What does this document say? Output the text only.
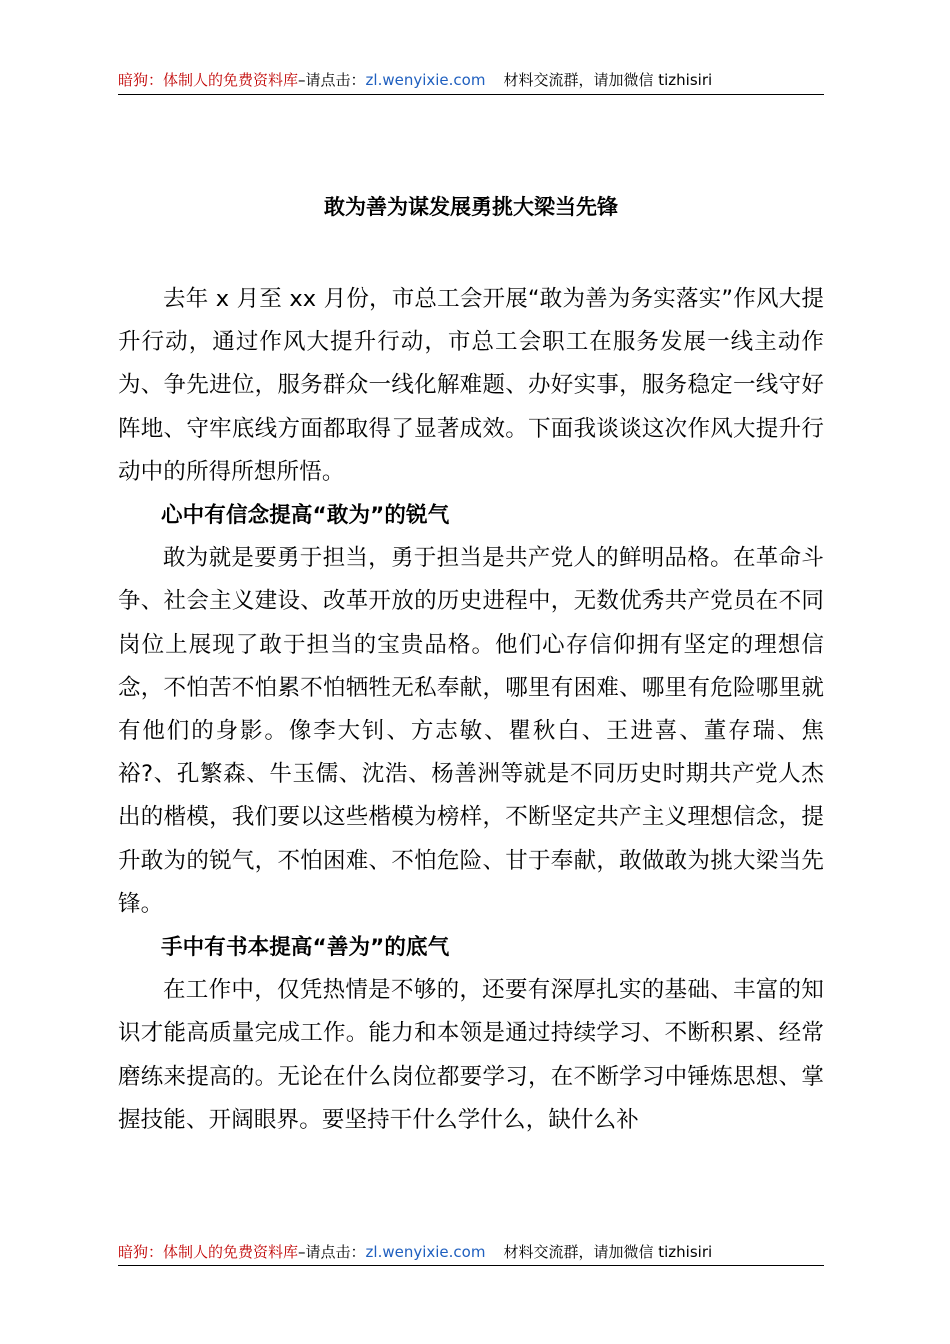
暗狗：体制人的免费资料库–请点击：zl.wenyixie.com 材料交流群，请加微信 tizhisiri
敢为善为谋发展勇挑大梁当先锋

去年 x 月至 xx 月份，市总工会开展“敢为善为务实落实”作风大提升行动，通过作风大提升行动，市总工会职工在服务发展一线主动作为、争先进位，服务群众一线化解难题、办好实事，服务稳定一线守好阵地、守牢底线方面都取得了显著成效。下面我谈谈这次作风大提升行动中的所得所想所悟。

心中有信念提高“敢为”的锐气

敢为就是要勇于担当，勇于担当是共产党人的鲜明品格。在革命斗争、社会主义建设、改革开放的历史进程中，无数优秀共产党员在不同岗位上展现了敢于担当的宝贵品格。他们心存信仰拥有坚定的理想信念，不怕苦不怕累不怕牺牲无私奉献，哪里有困难、哪里有危险哪里就有他们的身影。像李大钊、方志敏、瞿秋白、王进喜、董存瑞、焦裕?、孔繁森、牛玉儒、沈浩、杨善洲等就是不同历史时期共产党人杰出的楷模，我们要以这些楷模为榜样，不断坚定共产主义理想信念，提升敢为的锐气，不怕困难、不怕危险、甘于奉献，敢做敢为挑大梁当先锋。

手中有书本提高“善为”的底气

在工作中，仅凭热情是不够的，还要有深厚扎实的基础、丰富的知识才能高质量完成工作。能力和本领是通过持续学习、不断积累、经常磨练来提高的。无论在什么岗位都要学习，在不断学习中锤炼思想、掌握技能、开阔眼界。要坚持干什么学什么，缺什么补

暗狗：体制人的免费资料库–请点击：zl.wenyixie.com 材料交流群，请加微信 tizhisiri
